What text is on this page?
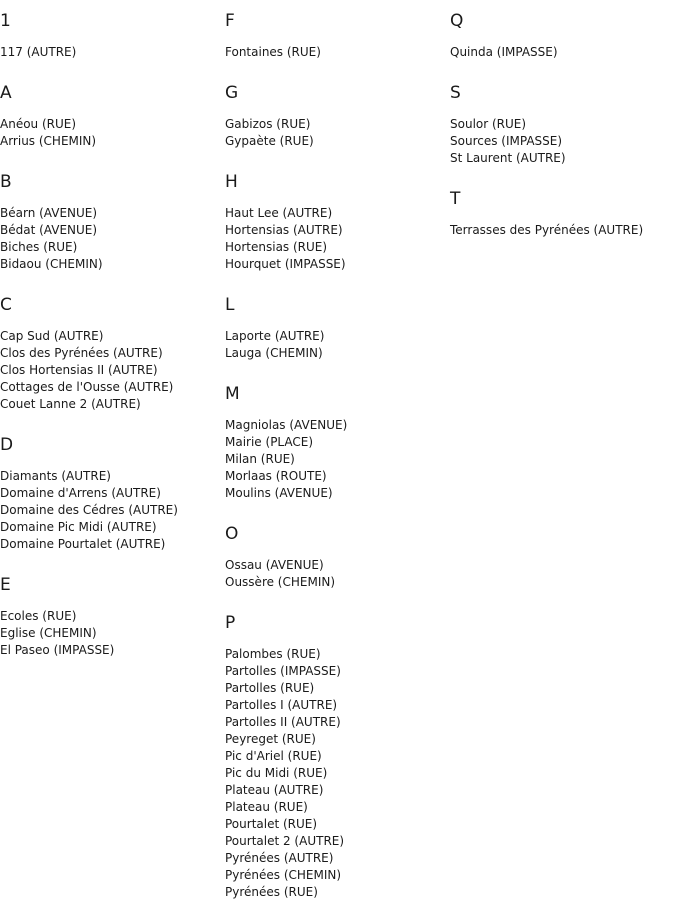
1
117 (AUTRE)
A
Anéou (RUE)
Arrius (CHEMIN)
B
Béarn (AVENUE)
Bédat (AVENUE)
Biches (RUE)
Bidaou (CHEMIN)
C
Cap Sud (AUTRE)
Clos des Pyrénées (AUTRE)
Clos Hortensias II (AUTRE)
Cottages de l'Ousse (AUTRE)
Couet Lanne 2 (AUTRE)
D
Diamants (AUTRE)
Domaine d'Arrens (AUTRE)
Domaine des Cédres (AUTRE)
Domaine Pic Midi (AUTRE)
Domaine Pourtalet (AUTRE)
E
Ecoles (RUE)
Eglise (CHEMIN)
El Paseo (IMPASSE)
F
Fontaines (RUE)
G
Gabizos (RUE)
Gypaète (RUE)
H
Haut Lee (AUTRE)
Hortensias (AUTRE)
Hortensias (RUE)
Hourquet (IMPASSE)
L
Laporte (AUTRE)
Lauga (CHEMIN)
M
Magniolas (AVENUE)
Mairie (PLACE)
Milan (RUE)
Morlaas (ROUTE)
Moulins (AVENUE)
O
Ossau (AVENUE)
Oussère (CHEMIN)
P
Palombes (RUE)
Partolles (IMPASSE)
Partolles (RUE)
Partolles I (AUTRE)
Partolles II (AUTRE)
Peyreget (RUE)
Pic d'Ariel (RUE)
Pic du Midi (RUE)
Plateau (AUTRE)
Plateau (RUE)
Pourtalet (RUE)
Pourtalet 2 (AUTRE)
Pyrénées (AUTRE)
Pyrénées (CHEMIN)
Pyrénées (RUE)
Q
Quinda (IMPASSE)
S
Soulor (RUE)
Sources (IMPASSE)
St Laurent (AUTRE)
T
Terrasses des Pyrénées (AUTRE)
